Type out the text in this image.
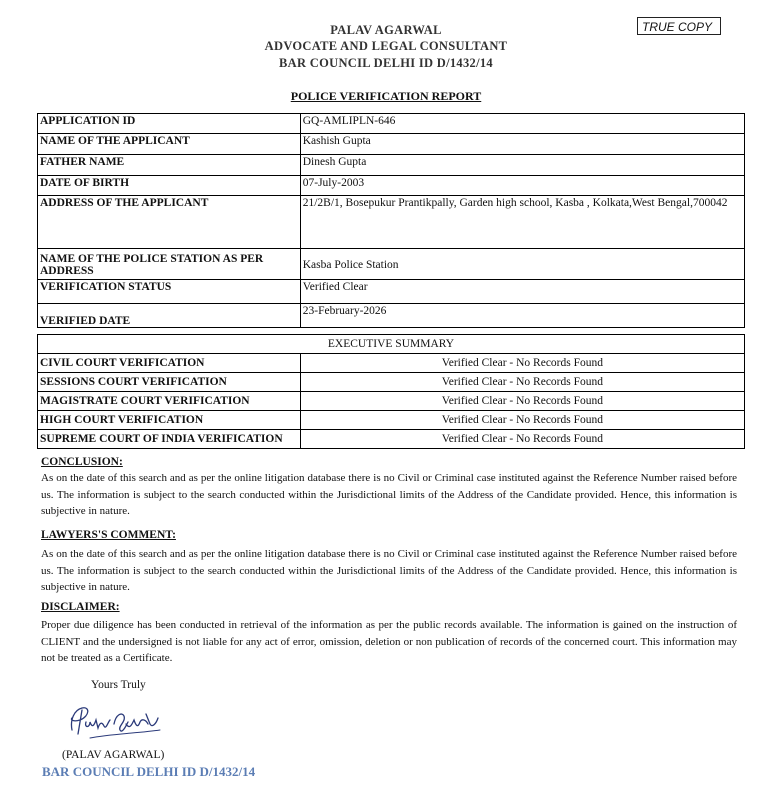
PALAV AGARWAL
ADVOCATE AND LEGAL CONSULTANT
BAR COUNCIL DELHI ID D/1432/14
TRUE COPY
POLICE VERIFICATION REPORT
APPLICATION ID	GQ-AMLIPLN-646
NAME OF THE APPLICANT	Kashish Gupta
FATHER NAME	Dinesh Gupta
DATE OF BIRTH	07-July-2003
ADDRESS OF THE APPLICANT	21/2B/1, Bosepukur Prantikpally, Garden high school, Kasba , Kolkata,West Bengal,700042
NAME OF THE POLICE STATION AS PER ADDRESS	Kasba Police Station
VERIFICATION STATUS	Verified Clear
VERIFIED DATE	23-February-2026
EXECUTIVE SUMMARY	
CIVIL COURT VERIFICATION	Verified Clear - No Records Found
SESSIONS COURT VERIFICATION	Verified Clear - No Records Found
MAGISTRATE COURT VERIFICATION	Verified Clear - No Records Found
HIGH COURT VERIFICATION	Verified Clear - No Records Found
SUPREME COURT OF INDIA VERIFICATION	Verified Clear - No Records Found
CONCLUSION:
As on the date of this search and as per the online litigation database there is no Civil or Criminal case instituted against the Reference Number raised before us. The information is subject to the search conducted within the Jurisdictional limits of the Address of the Candidate provided. Hence, this information is subjective in nature.
LAWYERS'S COMMENT:
As on the date of this search and as per the online litigation database there is no Civil or Criminal case instituted against the Reference Number raised before us. The information is subject to the search conducted within the Jurisdictional limits of the Address of the Candidate provided. Hence, this information is subjective in nature.
DISCLAIMER:
Proper due diligence has been conducted in retrieval of the information as per the public records available. The information is gained on the instruction of CLIENT and the undersigned is not liable for any act of error, omission, deletion or non publication of records of the concerned court. This information may not be treated as a Certificate.
Yours Truly
(PALAV AGARWAL)
BAR COUNCIL DELHI ID D/1432/14
